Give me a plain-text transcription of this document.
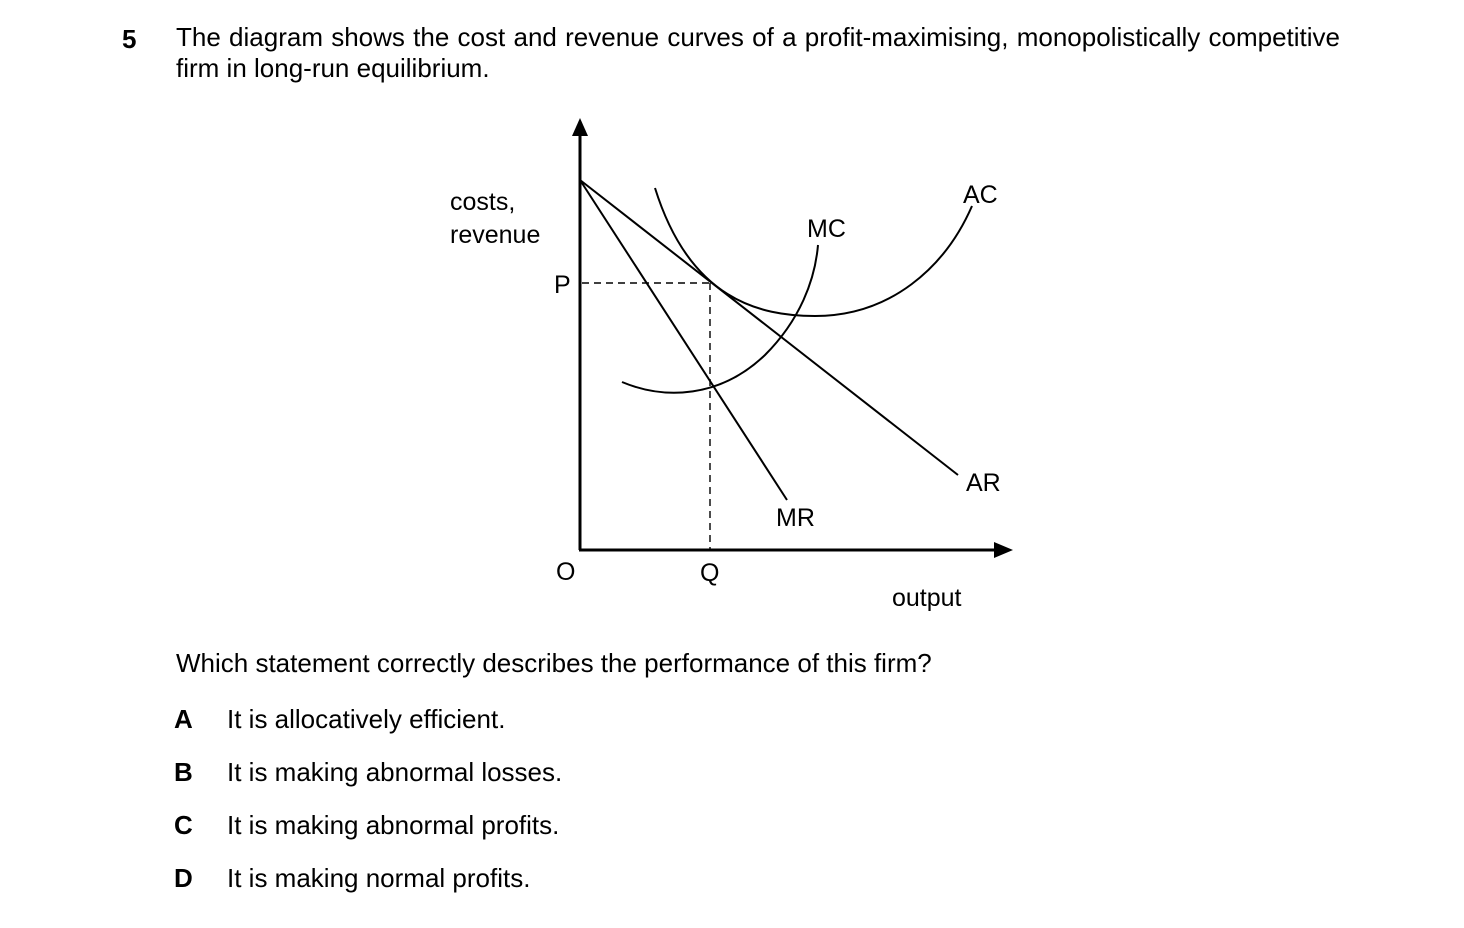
5 The diagram shows the cost and revenue curves of a profit-maximising, monopolistically competitive firm in long-run equilibrium.
costs,
revenue
P
O	Q
output
MC
AC
AR
MR
Which statement correctly describes the performance of this firm?
A	It is allocatively efficient.
B	It is making abnormal losses.
C	It is making abnormal profits.
D	It is making normal profits.
